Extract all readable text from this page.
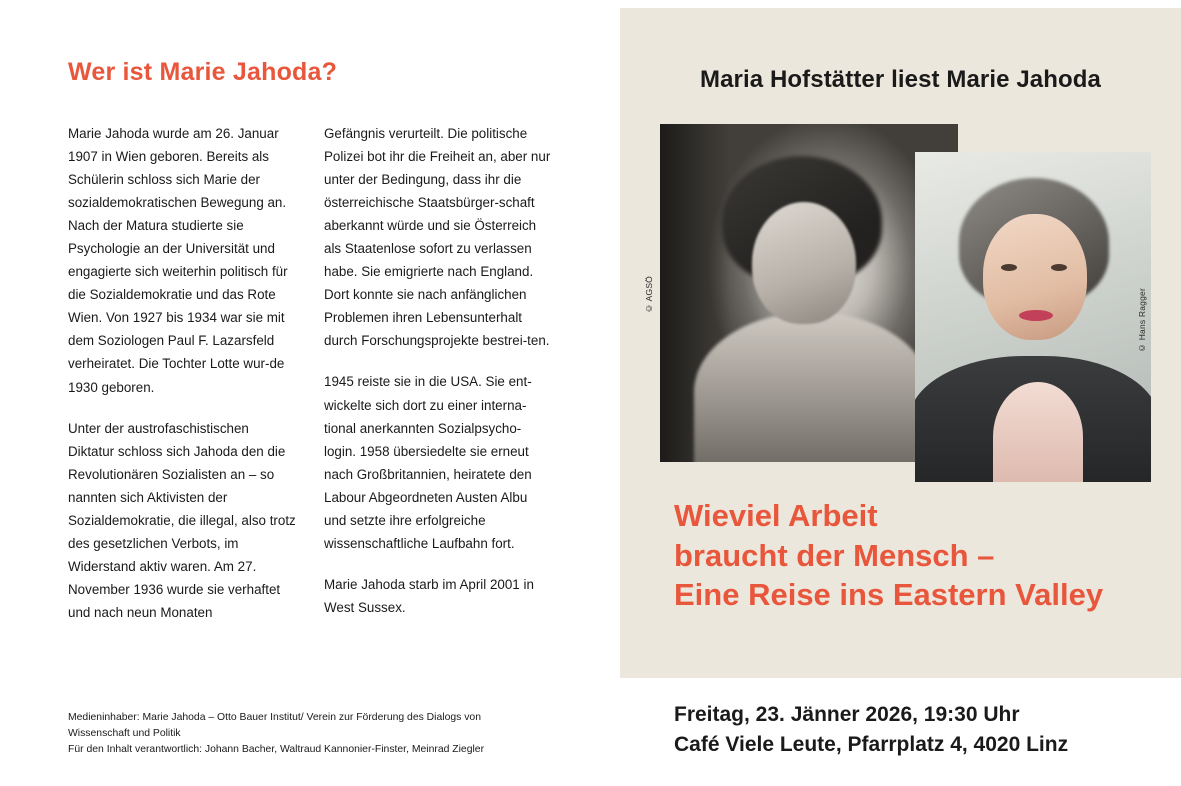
Wer ist Marie Jahoda?

Marie Jahoda wurde am 26. Januar 1907 in Wien geboren. Bereits als Schülerin schloss sich Marie der sozialdemokratischen Bewegung an. Nach der Matura studierte sie Psychologie an der Universität und engagierte sich weiterhin politisch für die Sozialdemokratie und das Rote Wien. Von 1927 bis 1934 war sie mit dem Soziologen Paul F. Lazarsfeld verheiratet. Die Tochter Lotte wur-de 1930 geboren.

Unter der austrofaschistischen Diktatur schloss sich Jahoda den die Revolutionären Sozialisten an – so nannten sich Aktivisten der Sozialdemokratie, die illegal, also trotz des gesetzlichen Verbots, im Widerstand aktiv waren. Am 27. November 1936 wurde sie verhaftet und nach neun Monaten

Gefängnis verurteilt. Die politische Polizei bot ihr die Freiheit an, aber nur unter der Bedingung, dass ihr die österreichische Staatsbürger-schaft aberkannt würde und sie Österreich als Staatenlose sofort zu verlassen habe. Sie emigrierte nach England. Dort konnte sie nach anfänglichen Problemen ihren Lebensunterhalt durch Forschungsprojekte bestrei-ten.

1945 reiste sie in die USA. Sie ent-wickelte sich dort zu einer interna-tional anerkannten Sozialpsycho-login. 1958 übersiedelte sie erneut nach Großbritannien, heiratete den Labour Abgeordneten Austen Albu und setzte ihre erfolgreiche wissenschaftliche Laufbahn fort.

Marie Jahoda starb im April 2001 in West Sussex.

Medieninhaber: Marie Jahoda – Otto Bauer Institut/ Verein zur Förderung des Dialogs von
Wissenschaft und Politik
Für den Inhalt verantwortlich: Johann Bacher, Waltraud Kannonier-Finster, Meinrad Ziegler
Maria Hofstätter liest Marie Jahoda
© AGSÖ	© Hans Ragger
Wieviel Arbeit
braucht der Mensch –
Eine Reise ins Eastern Valley
Freitag, 23. Jänner 2026, 19:30 Uhr
Café Viele Leute, Pfarrplatz 4, 4020 Linz
